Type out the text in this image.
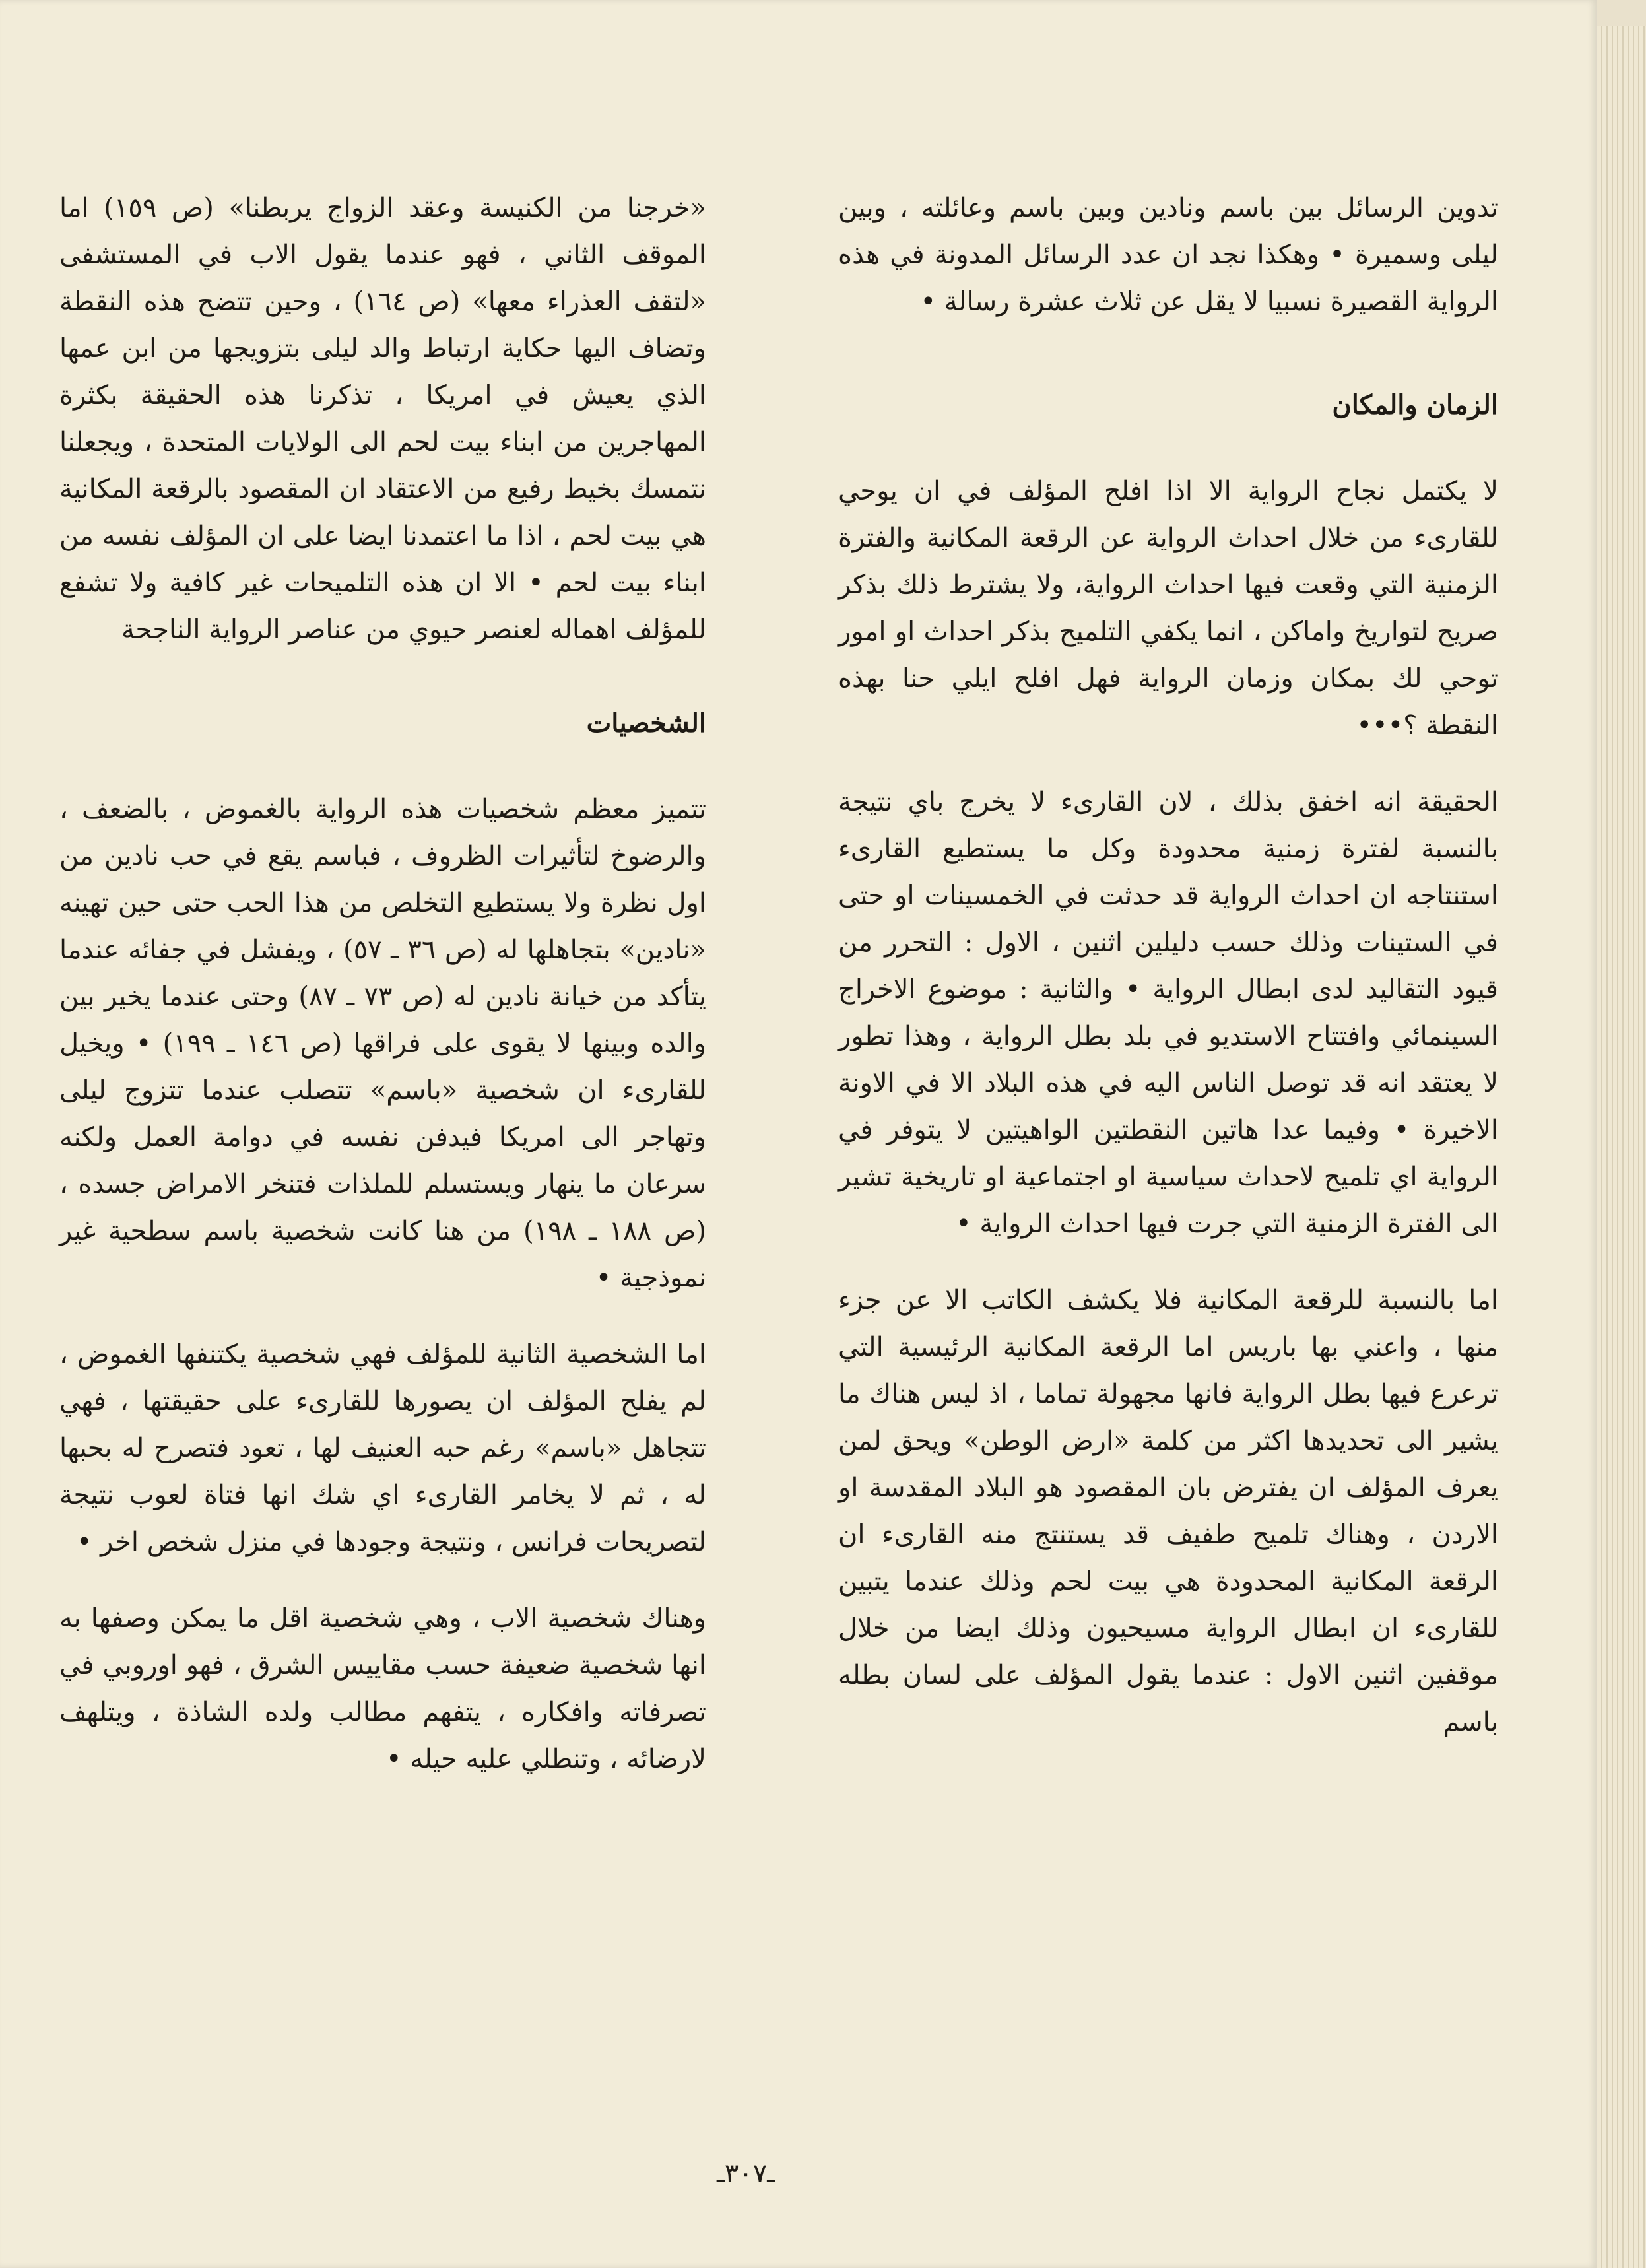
تدوين الرسائل بين باسم ونادين وبين باسم وعائلته ، وبين ليلى وسميرة • وهكذا نجد ان عدد الرسائل المدونة في هذه الرواية القصيرة نسبيا لا يقل عن ثلاث عشرة رسالة •

الزمان والمكان

لا يكتمل نجاح الرواية الا اذا افلح المؤلف في ان يوحي للقارىء من خلال احداث الرواية عن الرقعة المكانية والفترة الزمنية التي وقعت فيها احداث الرواية، ولا يشترط ذلك بذكر صريح لتواريخ واماكن ، انما يكفي التلميح بذكر احداث او امور توحي لك بمكان وزمان الرواية فهل افلح ايلي حنا بهذه النقطة ؟•••

الحقيقة انه اخفق بذلك ، لان القارىء لا يخرج باي نتيجة بالنسبة لفترة زمنية محدودة وكل ما يستطيع القارىء استنتاجه ان احداث الرواية قد حدثت في الخمسينات او حتى في الستينات وذلك حسب دليلين اثنين ، الاول : التحرر من قيود التقاليد لدى ابطال الرواية • والثانية : موضوع الاخراج السينمائي وافتتاح الاستديو في بلد بطل الرواية ، وهذا تطور لا يعتقد انه قد توصل الناس اليه في هذه البلاد الا في الاونة الاخيرة • وفيما عدا هاتين النقطتين الواهيتين لا يتوفر في الرواية اي تلميح لاحداث سياسية او اجتماعية او تاريخية تشير الى الفترة الزمنية التي جرت فيها احداث الرواية •

اما بالنسبة للرقعة المكانية فلا يكشف الكاتب الا عن جزء منها ، واعني بها باريس اما الرقعة المكانية الرئيسية التي ترعرع فيها بطل الرواية فانها مجهولة تماما ، اذ ليس هناك ما يشير الى تحديدها اكثر من كلمة «ارض الوطن» ويحق لمن يعرف المؤلف ان يفترض بان المقصود هو البلاد المقدسة او الاردن ، وهناك تلميح طفيف قد يستنتج منه القارىء ان الرقعة المكانية المحدودة هي بيت لحم وذلك عندما يتبين للقارىء ان ابطال الرواية مسيحيون وذلك ايضا من خلال موقفين اثنين الاول : عندما يقول المؤلف على لسان بطله باسم

«خرجنا من الكنيسة وعقد الزواج يربطنا» (ص ١٥٩) اما الموقف الثاني ، فهو عندما يقول الاب في المستشفى «لتقف العذراء معها» (ص ١٦٤) ، وحين تتضح هذه النقطة وتضاف اليها حكاية ارتباط والد ليلى بتزويجها من ابن عمها الذي يعيش في امريكا ، تذكرنا هذه الحقيقة بكثرة المهاجرين من ابناء بيت لحم الى الولايات المتحدة ، ويجعلنا نتمسك بخيط رفيع من الاعتقاد ان المقصود بالرقعة المكانية هي بيت لحم ، اذا ما اعتمدنا ايضا على ان المؤلف نفسه من ابناء بيت لحم • الا ان هذه التلميحات غير كافية ولا تشفع للمؤلف اهماله لعنصر حيوي من عناصر الرواية الناجحة

الشخصيات

تتميز معظم شخصيات هذه الرواية بالغموض ، بالضعف ، والرضوخ لتأثيرات الظروف ، فباسم يقع في حب نادين من اول نظرة ولا يستطيع التخلص من هذا الحب حتى حين تهينه «نادين» بتجاهلها له (ص ٣٦ ـ ٥٧) ، ويفشل في جفائه عندما يتأكد من خيانة نادين له (ص ٧٣ ـ ٨٧) وحتى عندما يخير بين والده وبينها لا يقوى على فراقها (ص ١٤٦ ـ ١٩٩) • ويخيل للقارىء ان شخصية «باسم» تتصلب عندما تتزوج ليلى وتهاجر الى امريكا فيدفن نفسه في دوامة العمل ولكنه سرعان ما ينهار ويستسلم للملذات فتنخر الامراض جسده ، (ص ١٨٨ ـ ١٩٨) من هنا كانت شخصية باسم سطحية غير نموذجية •

اما الشخصية الثانية للمؤلف فهي شخصية يكتنفها الغموض ، لم يفلح المؤلف ان يصورها للقارىء على حقيقتها ، فهي تتجاهل «باسم» رغم حبه العنيف لها ، تعود فتصرح له بحبها له ، ثم لا يخامر القارىء اي شك انها فتاة لعوب نتيجة لتصريحات فرانس ، ونتيجة وجودها في منزل شخص اخر •

وهناك شخصية الاب ، وهي شخصية اقل ما يمكن وصفها به انها شخصية ضعيفة حسب مقاييس الشرق ، فهو اوروبي في تصرفاته وافكاره ، يتفهم مطالب ولده الشاذة ، ويتلهف لارضائه ، وتنطلي عليه حيله •

ـ٣٠٧ـ
